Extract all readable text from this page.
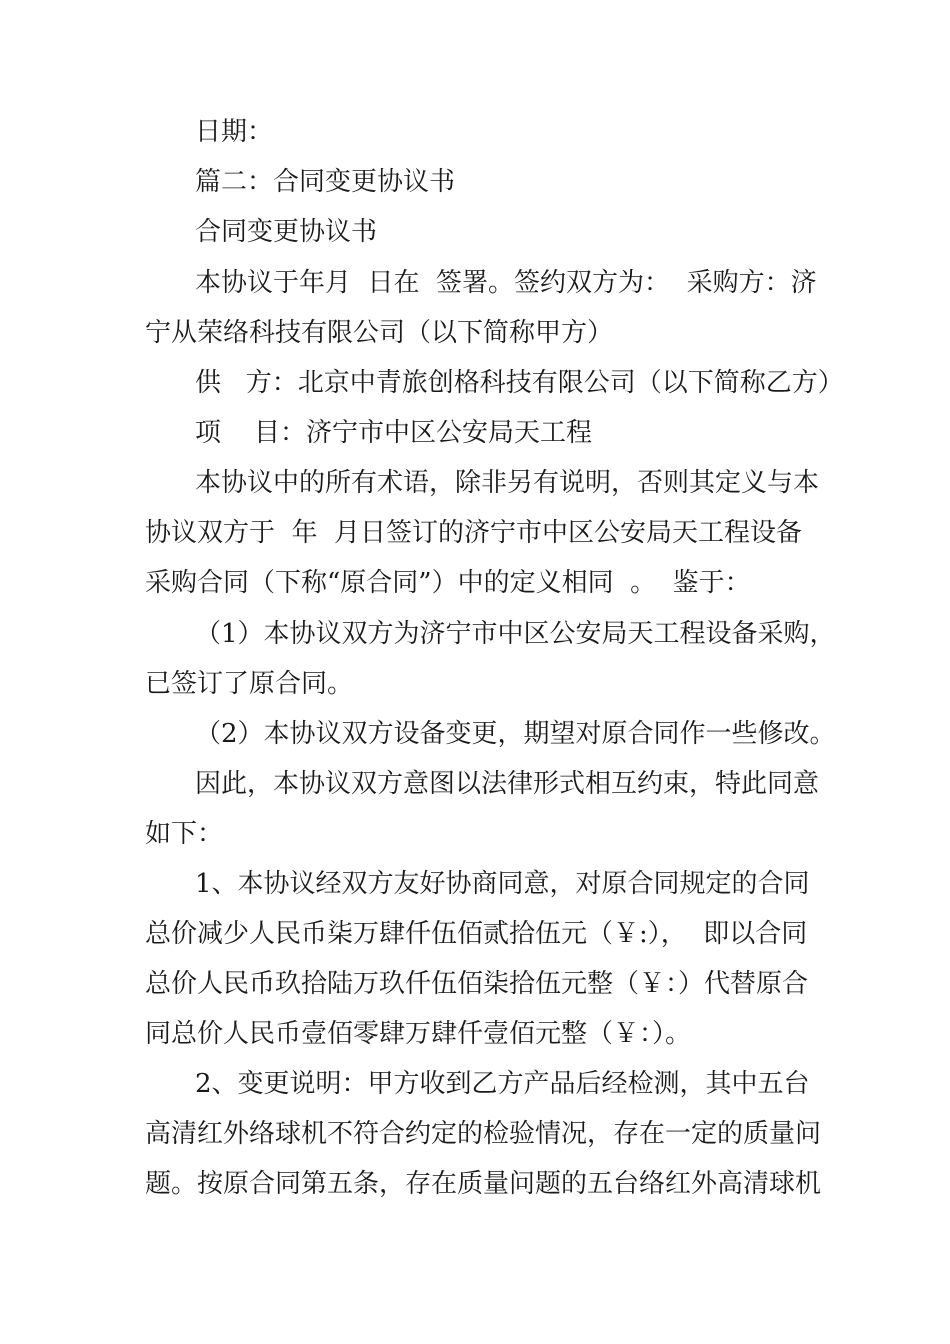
日期：
篇二：合同变更协议书
合同变更协议书
本协议于年月  日在  签署。签约双方为：  采购方：济
宁从荣络科技有限公司（以下简称甲方）
供   方：北京中青旅创格科技有限公司（以下简称乙方）
项    目：济宁市中区公安局天工程
本协议中的所有术语，除非另有说明，否则其定义与本
协议双方于  年  月日签订的济宁市中区公安局天工程设备
采购合同（下称“原合同”）中的定义相同  。  鉴于：
（1）本协议双方为济宁市中区公安局天工程设备采购，
已签订了原合同。
（2）本协议双方设备变更，期望对原合同作一些修改。
因此，本协议双方意图以法律形式相互约束，特此同意
如下：
1、本协议经双方友好协商同意，对原合同规定的合同
总价减少人民币柒万肆仟伍佰贰拾伍元（￥:），  即以合同
总价人民币玖拾陆万玖仟伍佰柒拾伍元整（￥：）代替原合
同总价人民币壹佰零肆万肆仟壹佰元整（￥：）。
2、变更说明：甲方收到乙方产品后经检测，其中五台
高清红外络球机不符合约定的检验情况，存在一定的质量问
题。按原合同第五条，存在质量问题的五台络红外高清球机
